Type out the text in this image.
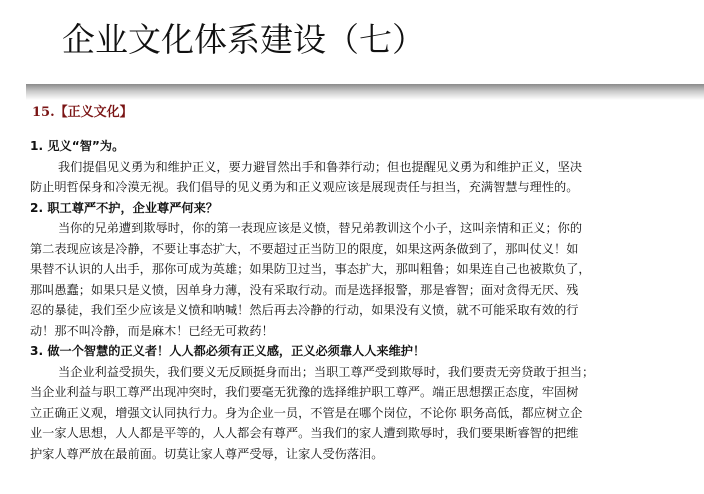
企业文化体系建设（七）
15.【正义文化】
1. 见义“智”为。
我们提倡见义勇为和维护正义，要力避冒然出手和鲁莽行动；但也提醒见义勇为和维护正义，坚决
防止明哲保身和冷漠无视。我们倡导的见义勇为和正义观应该是展现责任与担当，充满智慧与理性的。
2. 职工尊严不护，企业尊严何来？
当你的兄弟遭到欺辱时，你的第一表现应该是义愤，替兄弟教训这个小子，这叫亲情和正义；你的
第二表现应该是冷静，不要让事态扩大，不要超过正当防卫的限度，如果这两条做到了，那叫仗义！如
果替不认识的人出手，那你可成为英雄；如果防卫过当，事态扩大，那叫粗鲁；如果连自己也被欺负了，
那叫愚蠢；如果只是义愤，因单身力薄，没有采取行动。而是选择报警，那是睿智；面对贪得无厌、残
忍的暴徒，我们至少应该是义愤和呐喊！然后再去冷静的行动，如果没有义愤，就不可能采取有效的行
动！那不叫冷静，而是麻木！已经无可救药！
3. 做一个智慧的正义者！人人都必须有正义感，正义必须靠人人来维护！
当企业利益受损失，我们要义无反顾挺身而出；当职工尊严受到欺辱时，我们要责无旁贷敢于担当；
当企业利益与职工尊严出现冲突时，我们要毫无犹豫的选择维护职工尊严。端正思想摆正态度，牢固树
立正确正义观，增强文认同执行力。身为企业一员，不管是在哪个岗位，不论你 职务高低，都应树立企
业一家人思想，人人都是平等的，人人都会有尊严。当我们的家人遭到欺辱时，我们要果断睿智的把维
护家人尊严放在最前面。切莫让家人尊严受辱，让家人受伤落泪。
